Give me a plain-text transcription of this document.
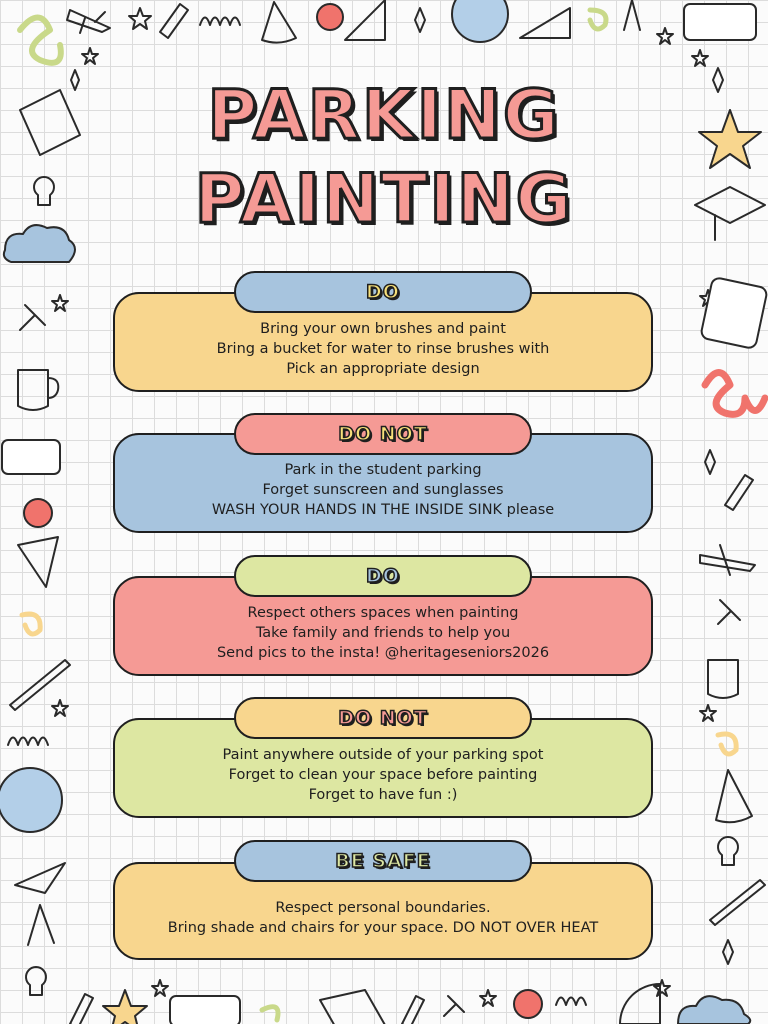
PARKING
PAINTING
Bring your own brushes and paint
Bring a bucket for water to rinse brushes with
Pick an appropriate design
DO
Park in the student parking
Forget sunscreen and sunglasses
WASH YOUR HANDS IN THE INSIDE SINK please
DO NOT
Respect others spaces when painting
Take family and friends to help you
Send pics to the insta! @heritageseniors2026
DO
Paint anywhere outside of your parking spot
Forget to clean your space before painting
Forget to have fun :)
DO NOT
Respect personal boundaries.
Bring shade and chairs for your space. DO NOT OVER HEAT
BE SAFE
